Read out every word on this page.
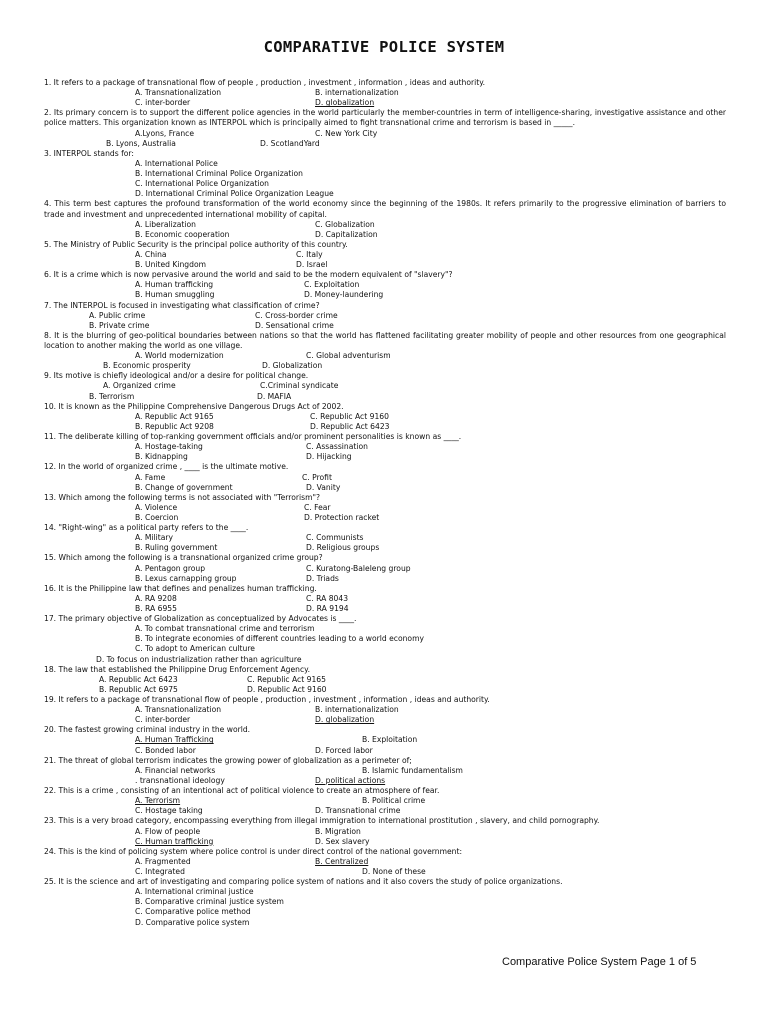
COMPARATIVE POLICE SYSTEM
1. It refers to a package of transnational flow of people , production , investment , information , ideas and authority.
A. Transnationalization	B. internationalization
C. inter-border	D. globalization
2. Its primary concern is to support the different police agencies in the world particularly the member-countries in term of intelligence-sharing, investigative assistance and other police matters. This organization known as INTERPOL which is principally aimed to fight transnational crime and terrorism is based in _____.
A.Lyons, France	C. New York City
B. Lyons, Australia	D. ScotlandYard
3. INTERPOL stands for:
A. International Police
B. International Criminal Police Organization
C. International Police Organization
D. International Criminal Police Organization League
4. This term best captures the profound transformation of the world economy since the beginning of the 1980s. It refers primarily to the progressive elimination of barriers to trade and investment and unprecedented international mobility of capital.
A. Liberalization	C. Globalization
B. Economic cooperation	D. Capitalization
5. The Ministry of Public Security is the principal police authority of this country.
A. China	C. Italy
B. United Kingdom	D. Israel
6. It is a crime which is now pervasive around the world and said to be the modern equivalent of "slavery"?
A. Human trafficking	C. Exploitation
B. Human smuggling	D. Money-laundering
7. The INTERPOL is focused in investigating what classification of crime?
A. Public crime	C. Cross-border crime
B. Private crime	D. Sensational crime
8. It is the blurring of geo-political boundaries between nations so that the world has flattened facilitating greater mobility of people and other resources from one geographical location to another making the world as one village.
A. World modernization	C. Global adventurism
B. Economic prosperity	D. Globalization
9. Its motive is chiefly ideological and/or a desire for political change.
A. Organized crime	C.Criminal syndicate
B. Terrorism	D. MAFIA
10. It is known as the Philippine Comprehensive Dangerous Drugs Act of 2002.
A. Republic Act 9165	C. Republic Act 9160
B. Republic Act 9208	D. Republic Act 6423
11. The deliberate killing of top-ranking government officials and/or prominent personalities is known as ____.
A. Hostage-taking	C. Assassination
B. Kidnapping	D. Hijacking
12. In the world of organized crime , ____ is the ultimate motive.
A. Fame	C. Profit
B. Change of government	D. Vanity
13. Which among the following terms is not associated with "Terrorism"?
A. Violence	C. Fear
B. Coercion	D. Protection racket
14. "Right-wing" as a political party refers to the ____.
A. Military	C. Communists
B. Ruling government	D. Religious groups
15. Which among the following is a transnational organized crime group?
A. Pentagon group	C. Kuratong-Baleleng group
B. Lexus carnapping group	D. Triads
16. It is the Philippine law that defines and penalizes human trafficking.
A. RA 9208	C. RA 8043
B. RA 6955	D. RA 9194
17. The primary objective of Globalization as conceptualized by Advocates is ____.
A. To combat transnational crime and terrorism
B. To integrate economies of different countries leading to a world economy
C. To adopt to American culture
D. To focus on industrialization rather than agriculture
18. The law that established the Philippine Drug Enforcement Agency.
A. Republic Act 6423	C. Republic Act 9165
B. Republic Act 6975	D. Republic Act 9160
19. It refers to a package of transnational flow of people , production , investment , information , ideas and authority.
A. Transnationalization	B. internationalization
C. inter-border	D. globalization
20. The fastest growing criminal industry in the world.
A. Human Trafficking	B. Exploitation
C. Bonded labor	D. Forced labor
21. The threat of global terrorism indicates the growing power of globalization as a perimeter of;
A. Financial networks	B. Islamic fundamentalism
. transnational ideology	D. political actions
22. This is a crime , consisting of an intentional act of political violence to create an atmosphere of fear.
A. Terrorism	B. Political crime
C. Hostage taking	D. Transnational crime
23. This is a very broad category, encompassing everything from illegal immigration to international prostitution , slavery, and child pornography.
A. Flow of people	B. Migration
C. Human trafficking	D. Sex slavery
24. This is the kind of policing system where police control is under direct control of the national government:
A. Fragmented	B. Centralized
C. Integrated	D. None of these
25. It is the science and art of investigating and comparing police system of nations and it also covers the study of police organizations.
A. International criminal justice
B. Comparative criminal justice system
C. Comparative police method
D. Comparative police system
Comparative Police System Page 1 of 5
